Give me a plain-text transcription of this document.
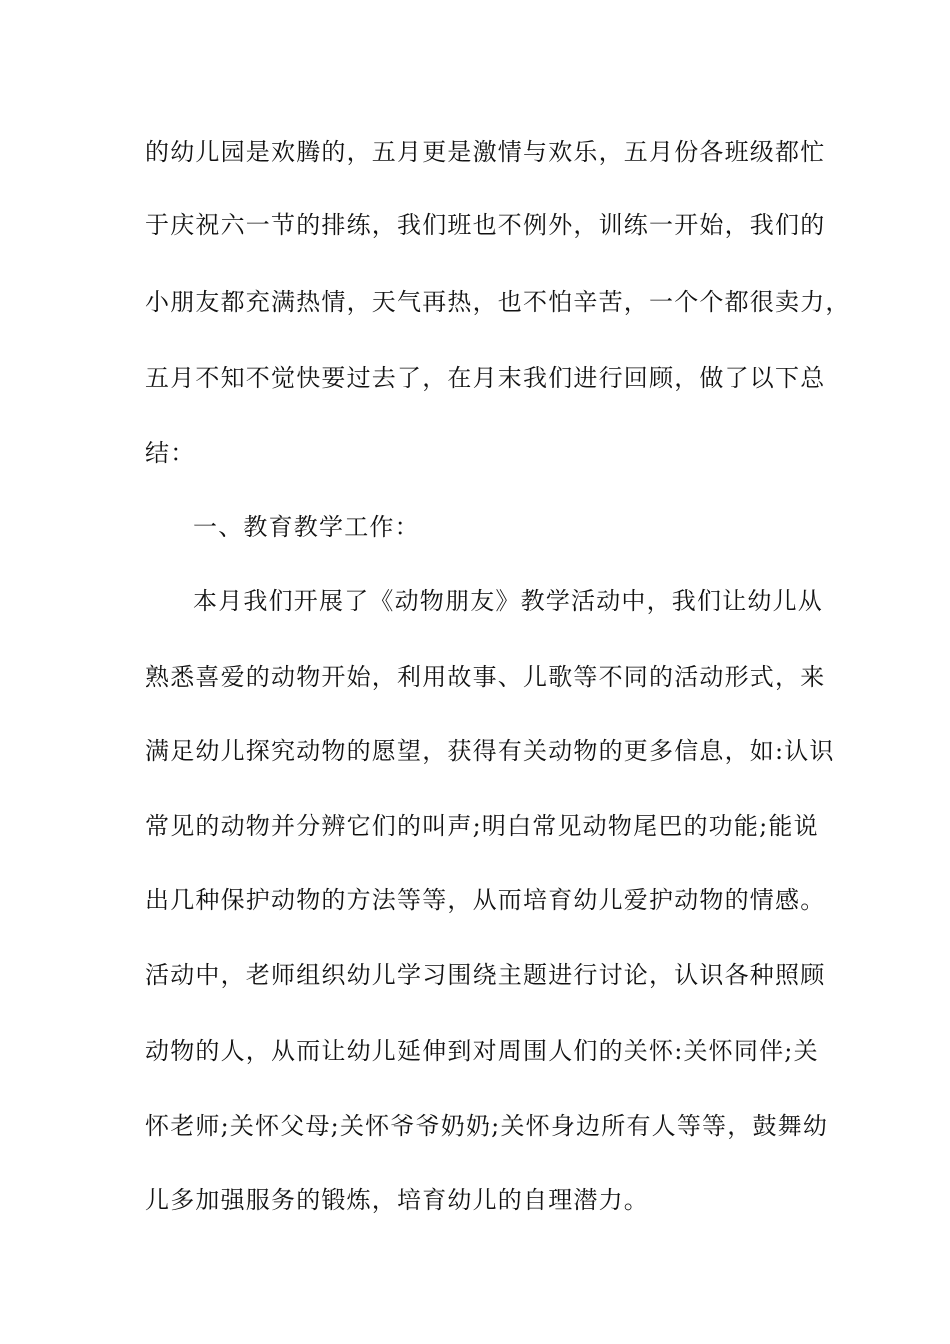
的幼儿园是欢腾的，五月更是激情与欢乐，五月份各班级都忙
于庆祝六一节的排练，我们班也不例外，训练一开始，我们的
小朋友都充满热情，天气再热，也不怕辛苦，一个个都很卖力，
五月不知不觉快要过去了，在月末我们进行回顾，做了以下总
结：
一、教育教学工作：
本月我们开展了《动物朋友》教学活动中，我们让幼儿从
熟悉喜爱的动物开始，利用故事、儿歌等不同的活动形式，来
满足幼儿探究动物的愿望，获得有关动物的更多信息，如:认识
常见的动物并分辨它们的叫声;明白常见动物尾巴的功能;能说
出几种保护动物的方法等等，从而培育幼儿爱护动物的情感。
活动中，老师组织幼儿学习围绕主题进行讨论，认识各种照顾
动物的人，从而让幼儿延伸到对周围人们的关怀:关怀同伴;关
怀老师;关怀父母;关怀爷爷奶奶;关怀身边所有人等等，鼓舞幼
儿多加强服务的锻炼，培育幼儿的自理潜力。
